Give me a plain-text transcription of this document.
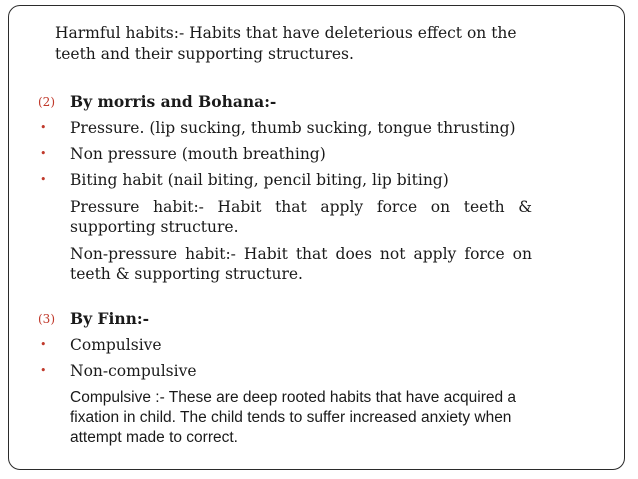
Harmful habits:- Habits that have deleterious effect on the teeth and their supporting structures.

(2) By morris and Bohana:-
• Pressure. (lip sucking, thumb sucking, tongue thrusting)
• Non pressure (mouth breathing)
• Biting habit (nail biting, pencil biting, lip biting)

Pressure habit:- Habit that apply force on teeth & supporting structure.

Non-pressure habit:- Habit that does not apply force on teeth & supporting structure.

(3) By Finn:-
• Compulsive
• Non-compulsive

Compulsive :- These are deep rooted habits that have acquired a fixation in child. The child tends to suffer increased anxiety when attempt made to correct.
